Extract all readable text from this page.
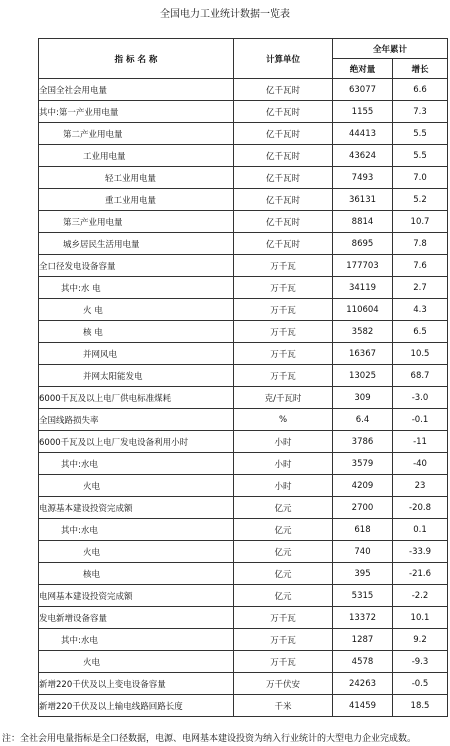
全国电力工业统计数据一览表
指 标 名 称	计算单位	全年累计	
		绝对量	增长
全国全社会用电量	亿千瓦时	63077	6.6
其中:第一产业用电量	亿千瓦时	1155	7.3
第二产业用电量	亿千瓦时	44413	5.5
工业用电量	亿千瓦时	43624	5.5
轻工业用电量	亿千瓦时	7493	7.0
重工业用电量	亿千瓦时	36131	5.2
第三产业用电量	亿千瓦时	8814	10.7
城乡居民生活用电量	亿千瓦时	8695	7.8
全口径发电设备容量	万千瓦	177703	7.6
其中:水 电	万千瓦	34119	2.7
火 电	万千瓦	110604	4.3
核 电	万千瓦	3582	6.5
并网风电	万千瓦	16367	10.5
并网太阳能发电	万千瓦	13025	68.7
6000千瓦及以上电厂供电标准煤耗	克/千瓦时	309	-3.0
全国线路损失率	%	6.4	-0.1
6000千瓦及以上电厂发电设备利用小时	小时	3786	-11
其中:水电	小时	3579	-40
火电	小时	4209	23
电源基本建设投资完成额	亿元	2700	-20.8
其中:水电	亿元	618	0.1
火电	亿元	740	-33.9
核电	亿元	395	-21.6
电网基本建设投资完成额	亿元	5315	-2.2
发电新增设备容量	万千瓦	13372	10.1
其中:水电	万千瓦	1287	9.2
火电	万千瓦	4578	-9.3
新增220千伏及以上变电设备容量	万千伏安	24263	-0.5
新增220千伏及以上输电线路回路长度	千米	41459	18.5
注：全社会用电量指标是全口径数据，电源、电网基本建设投资为纳入行业统计的大型电力企业完成数。
